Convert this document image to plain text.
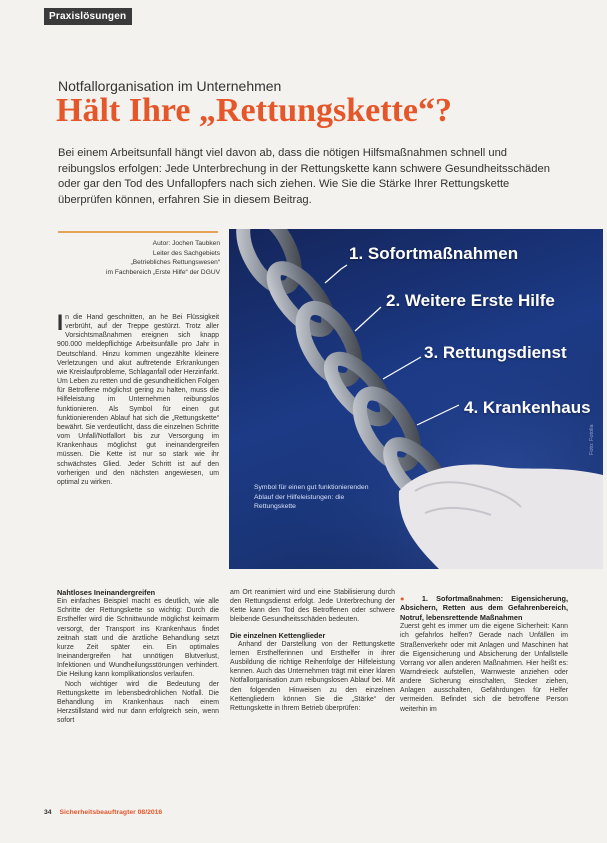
Praxislösungen
Notfallorganisation im Unternehmen
Hält Ihre „Rettungskette“?
Bei einem Arbeitsunfall hängt viel davon ab, dass die nötigen Hilfsmaßnahmen schnell und reibungslos erfolgen: Jede Unterbrechung in der Rettungskette kann schwere Gesundheitsschäden oder gar den Tod des Unfallopfers nach sich ziehen. Wie Sie die Stärke Ihrer Rettungskette überprüfen können, erfahren Sie in diesem Beitrag.
Autor: Jochen Taubken
Leiter des Sachgebiets
„Betriebliches Rettungswesen“
im Fachbereich „Erste Hilfe“ der DGUV
1. Sofortmaßnahmen
2. Weitere Erste Hilfe
3. Rettungsdienst
4. Krankenhaus
Symbol für einen gut funktionierenden Ablauf der Hilfeleistungen: die Rettungskette
Foto: Fotolia

I n die Hand geschnitten, an he Bei Flüssigkeit verbrüht, auf der Treppe gestürzt. Trotz aller Vorsichtsmaßnahmen ereignen sich knapp 900.000 meldepflichtige Arbeitsunfälle pro Jahr in Deutschland. Hinzu kommen ungezählte kleinere Verletzungen und akut auftretende Erkrankungen wie Kreislaufprobleme, Schlaganfall oder Herzinfarkt. Um Leben zu retten und die gesundheitlichen Folgen für Betroffene möglichst gering zu halten, muss die Hilfeleistung im Unternehmen reibungslos funktionieren. Als Symbol für einen gut funktionierenden Ablauf hat sich die „Rettungskette“ bewährt. Sie verdeutlicht, dass die einzelnen Schritte vom Unfall/Notfallort bis zur Versorgung im Krankenhaus möglichst gut ineinandergreifen müssen. Die Kette ist nur so stark wie ihr schwächstes Glied. Jeder Schritt ist auf den vorherigen und den nächsten angewiesen, um optimal zu wirken.

Nahtloses Ineinandergreifen

Ein einfaches Beispiel macht es deutlich, wie alle Schritte der Rettungskette so wichtig: Durch die Ersthelfer wird die Schnittwunde möglichst keimarm versorgt, der Transport ins Krankenhaus findet zeitnah statt und die ärztliche Behandlung setzt kurze Zeit später ein. Ein optimales Ineinandergreifen hat unnötigen Blutverlust, Infektionen und Wundheilungsstörungen verhindert. Die Heilung kann komplikationslos verlaufen.

Noch wichtiger wird die Bedeutung der Rettungskette im lebensbedrohlichen Notfall. Die Behandlung im Krankenhaus nach einem Herzstillstand wird nur dann erfolgreich sein, wenn sofort

am Ort reanimiert wird und eine Stabilisierung durch den Rettungsdienst erfolgt. Jede Unterbrechung der Kette kann den Tod des Betroffenen oder schwere bleibende Gesundheitsschäden bedeuten.

Die einzelnen Kettenglieder

Anhand der Darstellung von der Rettungskette lernen Ersthelferinnen und Ersthelfer in ihrer Ausbildung die richtige Reihenfolge der Hilfeleistung kennen. Auch das Unternehmen trägt mit einer klaren Notfallorganisation zum reibungslosen Ablauf bei. Mit den folgenden Hinweisen zu den einzelnen Kettengliedern können Sie die „Stärke“ der Rettungskette in Ihrem Betrieb überprüfen:

● 1. Sofortmaßnahmen: Eigensicherung, Absichern, Retten aus dem Gefahrenbereich, Notruf, lebensrettende Maßnahmen

Zuerst geht es immer um die eigene Sicherheit: Kann ich gefahrlos helfen? Gerade nach Unfällen im Straßenverkehr oder mit Anlagen und Maschinen hat die Eigensicherung und Absicherung der Unfallstelle Vorrang vor allen anderen Maßnahmen. Hier heißt es: Warndreieck aufstellen, Warnweste anziehen oder andere Sicherung einschalten, Stecker ziehen, Anlagen ausschalten, Gefährdungen für Helfer vermeiden. Befindet sich die betroffene Person weiterhin im

34 Sicherheitsbeauftragter 08/2016
